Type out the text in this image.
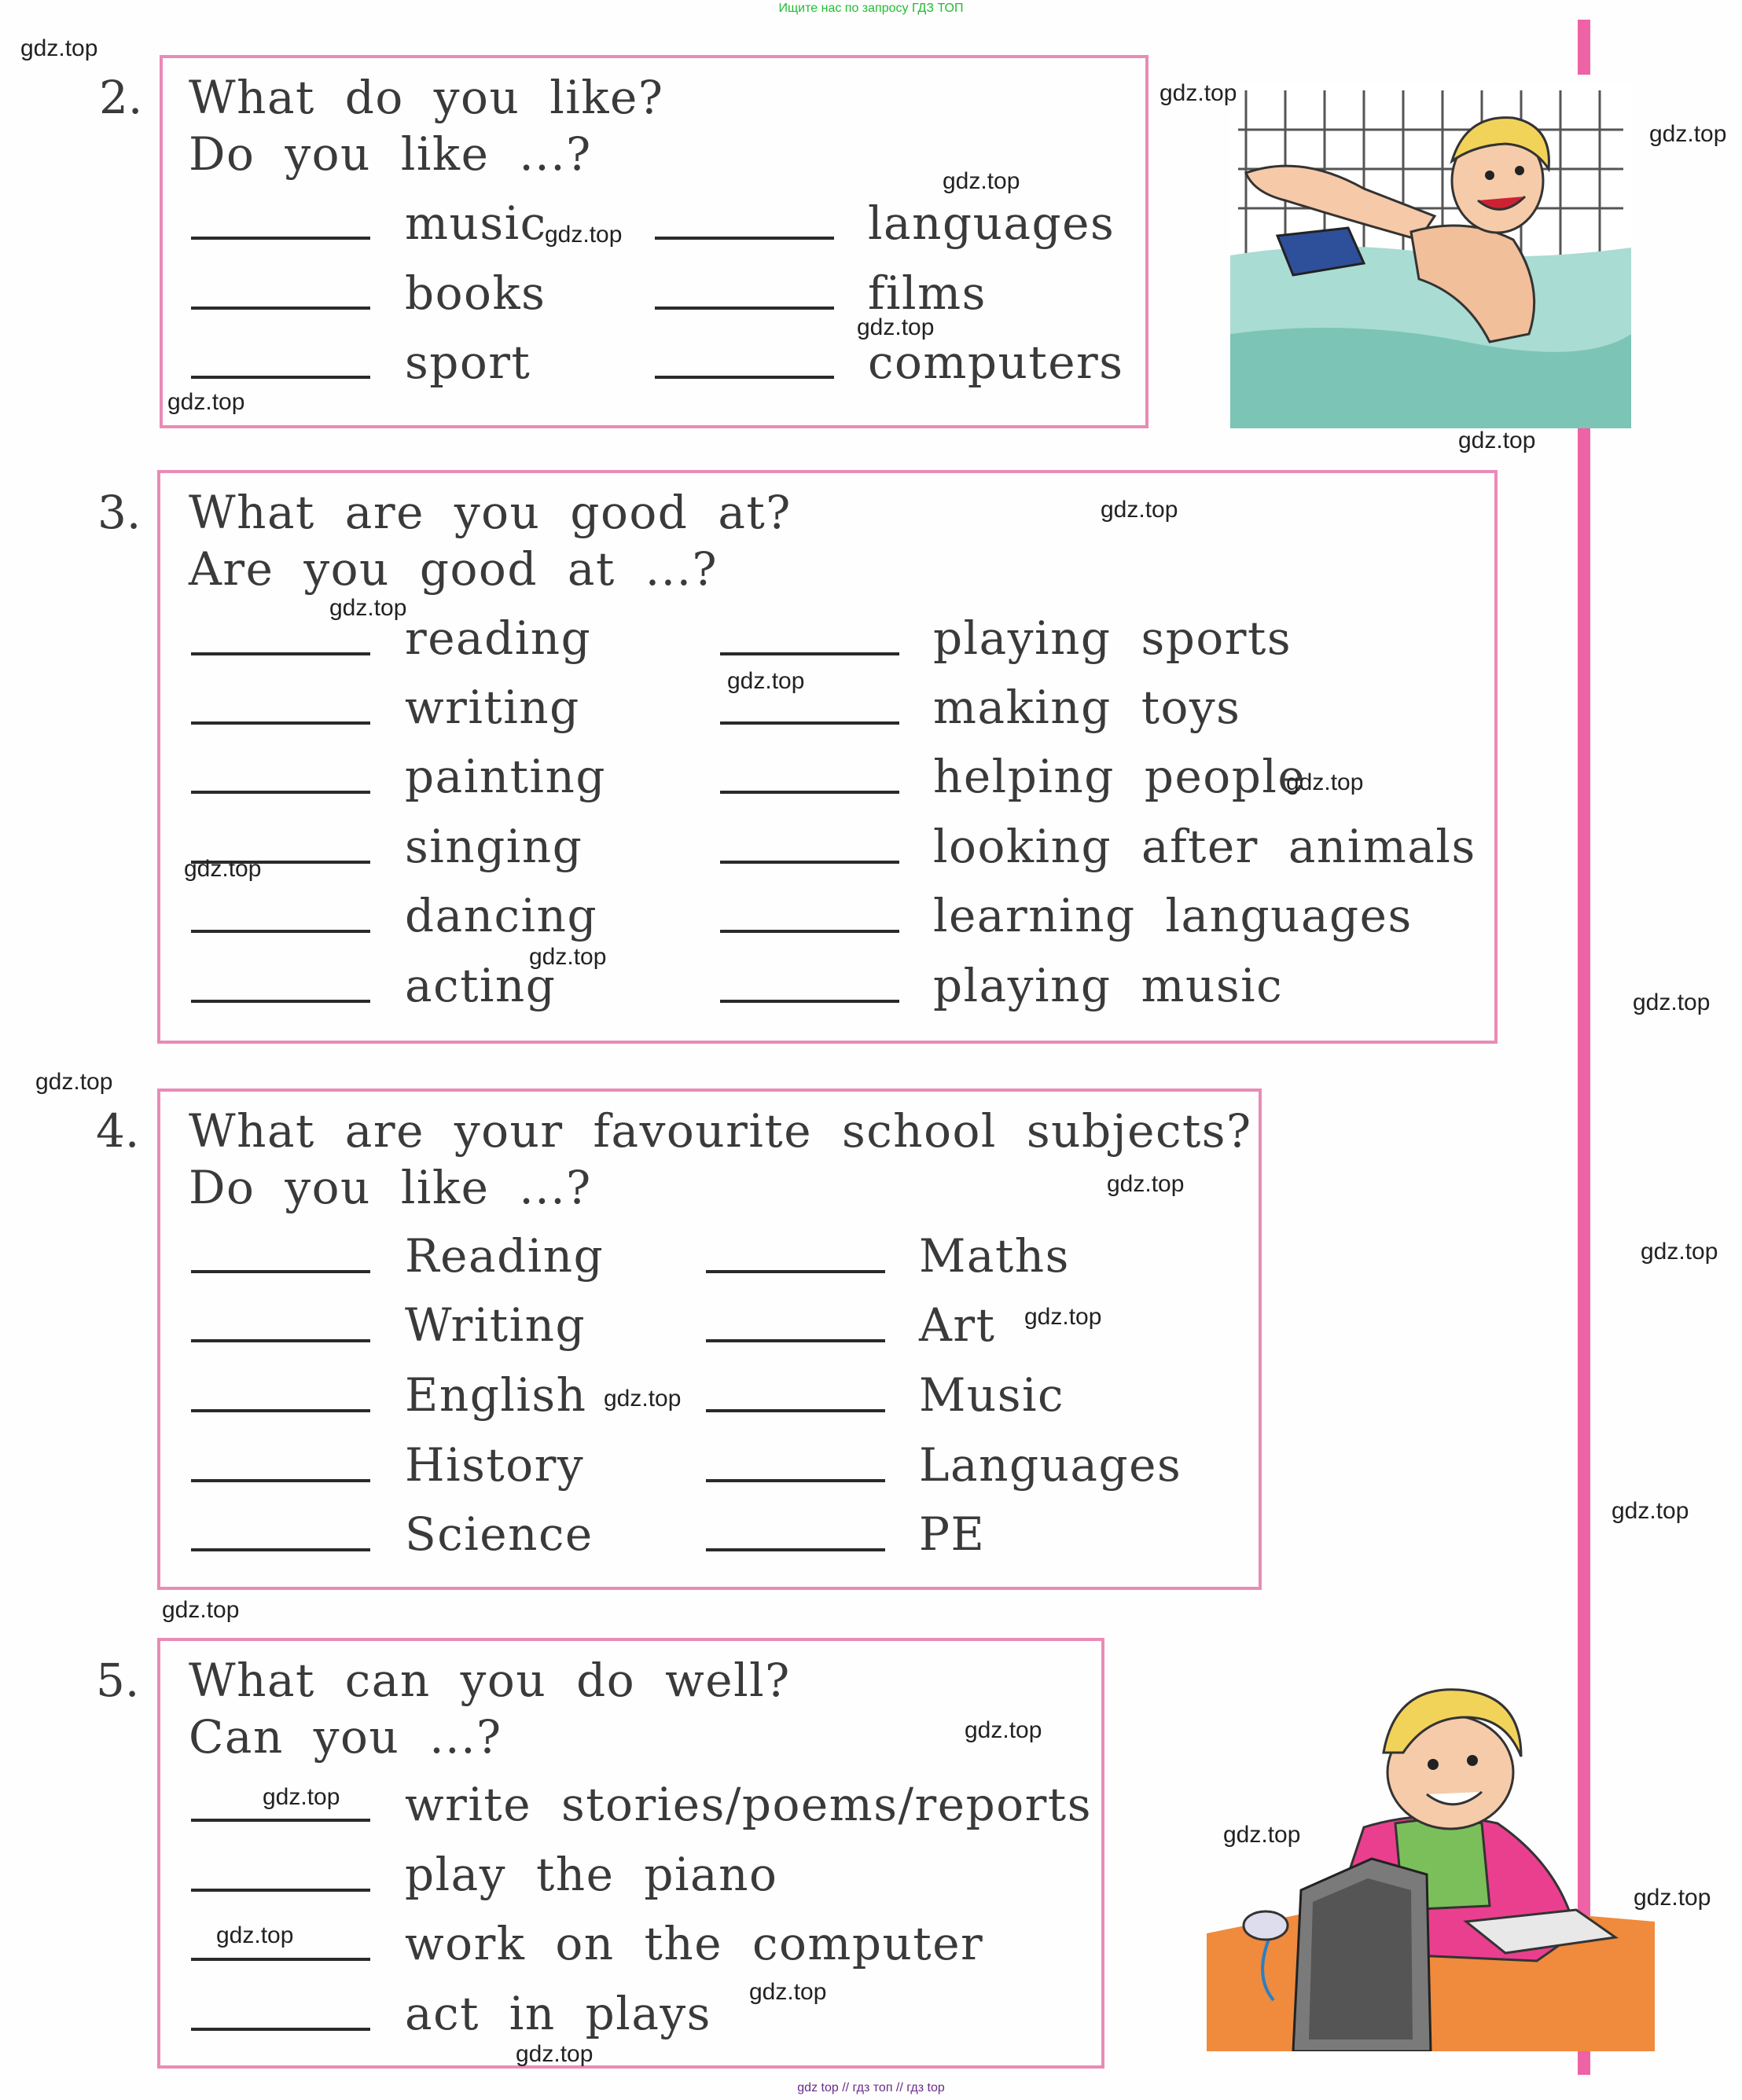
Ищите нас по запросу ГДЗ ТОП
gdz top // гдз топ // гдз top
2. What do you like?
Do you like ...?
music	languages
books	films
sport	computers
3. What are you good at?
Are you good at ...?
reading	playing sports
writing	making toys
painting	helping people
singing	looking after animals
dancing	learning languages
acting	playing music
4. What are your favourite school subjects?
Do you like ...?
Reading	Maths
Writing	Art
English	Music
History	Languages
Science	PE
5. What can you do well?
Can you ...?
write stories/poems/reports
play the piano
work on the computer
act in plays
gdz.top
gdz.top
gdz.top
gdz.top
gdz.top
gdz.top
gdz.top
gdz.top
gdz.top
gdz.top
gdz.top
gdz.top
gdz.top
gdz.top
gdz.top
gdz.top
gdz.top
gdz.top
gdz.top
gdz.top
gdz.top
gdz.top
gdz.top
gdz.top
gdz.top
gdz.top
gdz.top
gdz.top
gdz.top
